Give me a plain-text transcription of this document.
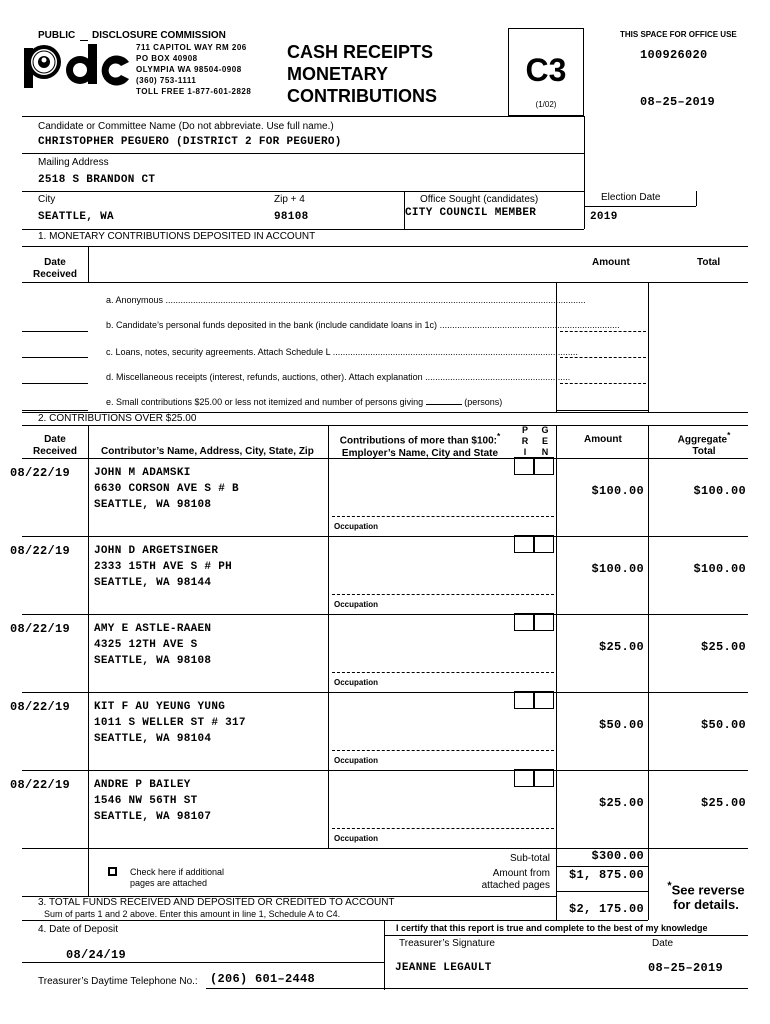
PUBLIC DISCLOSURE COMMISSION
711 CAPITOL WAY RM 206
PO BOX 40908
OLYMPIA WA 98504-0908
(360) 753-1111
TOLL FREE 1-877-601-2828
CASH RECEIPTS
MONETARY
CONTRIBUTIONS
C3
(1/02)
THIS SPACE FOR OFFICE USE
100926020
08–25–2019
Candidate or Committee Name (Do not abbreviate. Use full name.)
CHRISTOPHER PEGUERO (DISTRICT 2 FOR PEGUERO)
Mailing Address
2518 S BRANDON CT
City	Zip + 4	Office Sought (candidates)	Election Date
SEATTLE, WA	98108	CITY COUNCIL MEMBER	2019
1. MONETARY CONTRIBUTIONS DEPOSITED IN ACCOUNT
Date
Received
Amount	Total
a. Anonymous ........................................................................................................................................................................
b. Candidate’s personal funds deposited in the bank (include candidate loans in 1c) ........................................................................
c. Loans, notes, security agreements. Attach Schedule L ..................................................................................................
d. Miscellaneous receipts (interest, refunds, auctions, other). Attach explanation ..........................................................
e. Small contributions $25.00 or less not itemized and number of persons giving	(persons)
2. CONTRIBUTIONS OVER $25.00
Date
Received	Contributor’s Name, Address, City, State, Zip
Contributions of more than $100:*
Employer’s Name, City and State
P
R
I
G
E
N
Amount	Aggregate*
Total
Occupation
08/22/19 JOHN M ADAMSKI
6630 CORSON AVE S # B
SEATTLE, WA 98108
$100.00	$100.00
Occupation
08/22/19 JOHN D ARGETSINGER
2333 15TH AVE S # PH
SEATTLE, WA 98144
$100.00	$100.00
Occupation
08/22/19 AMY E ASTLE-RAAEN
4325 12TH AVE S
SEATTLE, WA 98108
$25.00	$25.00
Occupation
08/22/19 KIT F AU YEUNG YUNG
1011 S WELLER ST # 317
SEATTLE, WA 98104
$50.00	$50.00
Occupation
08/22/19 ANDRE P BAILEY
1546 NW 56TH ST
SEATTLE, WA 98107
$25.00	$25.00
Check here if additional
pages are attached
Sub-total	$300.00
Amount from
attached pages
$1, 875.00
*See reverse
for details.
3. TOTAL FUNDS RECEIVED AND DEPOSITED OR CREDITED TO ACCOUNT
Sum of parts 1 and 2 above. Enter this amount in line 1, Schedule A to C4.	$2, 175.00
4. Date of Deposit
08/24/19
I certify that this report is true and complete to the best of my knowledge
Treasurer’s Signature	Date
JEANNE LEGAULT	08–25–2019
Treasurer’s Daytime Telephone No.: (206) 601–2448
